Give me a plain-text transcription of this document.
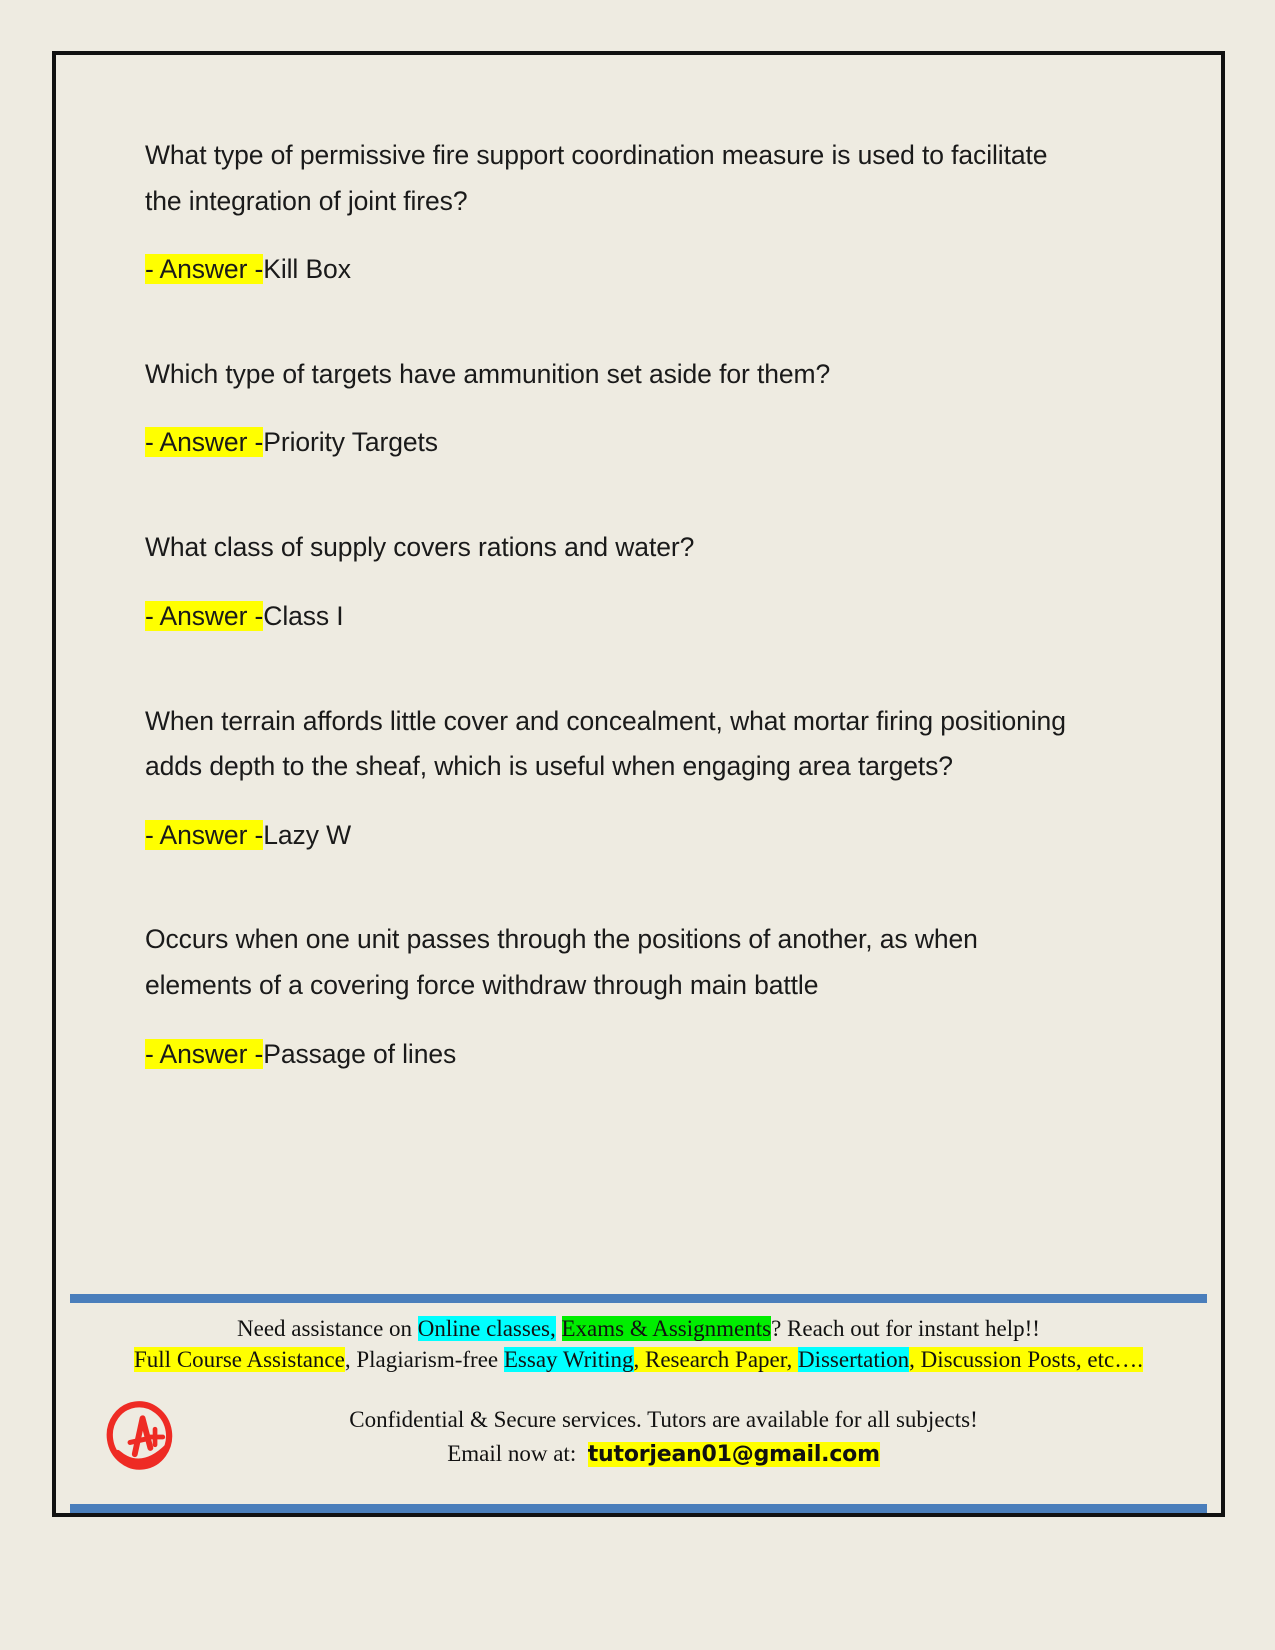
What type of permissive fire support coordination measure is used to facilitate the integration of joint fires?

- Answer -Kill Box

Which type of targets have ammunition set aside for them?

- Answer -Priority Targets

What class of supply covers rations and water?

- Answer -Class I

When terrain affords little cover and concealment, what mortar firing positioning adds depth to the sheaf, which is useful when engaging area targets?

- Answer -Lazy W

Occurs when one unit passes through the positions of another, as when elements of a covering force withdraw through main battle

- Answer -Passage of lines

Need assistance on Online classes, Exams & Assignments? Reach out for instant help!!
Full Course Assistance, Plagiarism-free Essay Writing, Research Paper, Dissertation, Discussion Posts, etc….
Confidential & Secure services. Tutors are available for all subjects!
Email now at: tutorjean01@gmail.com
